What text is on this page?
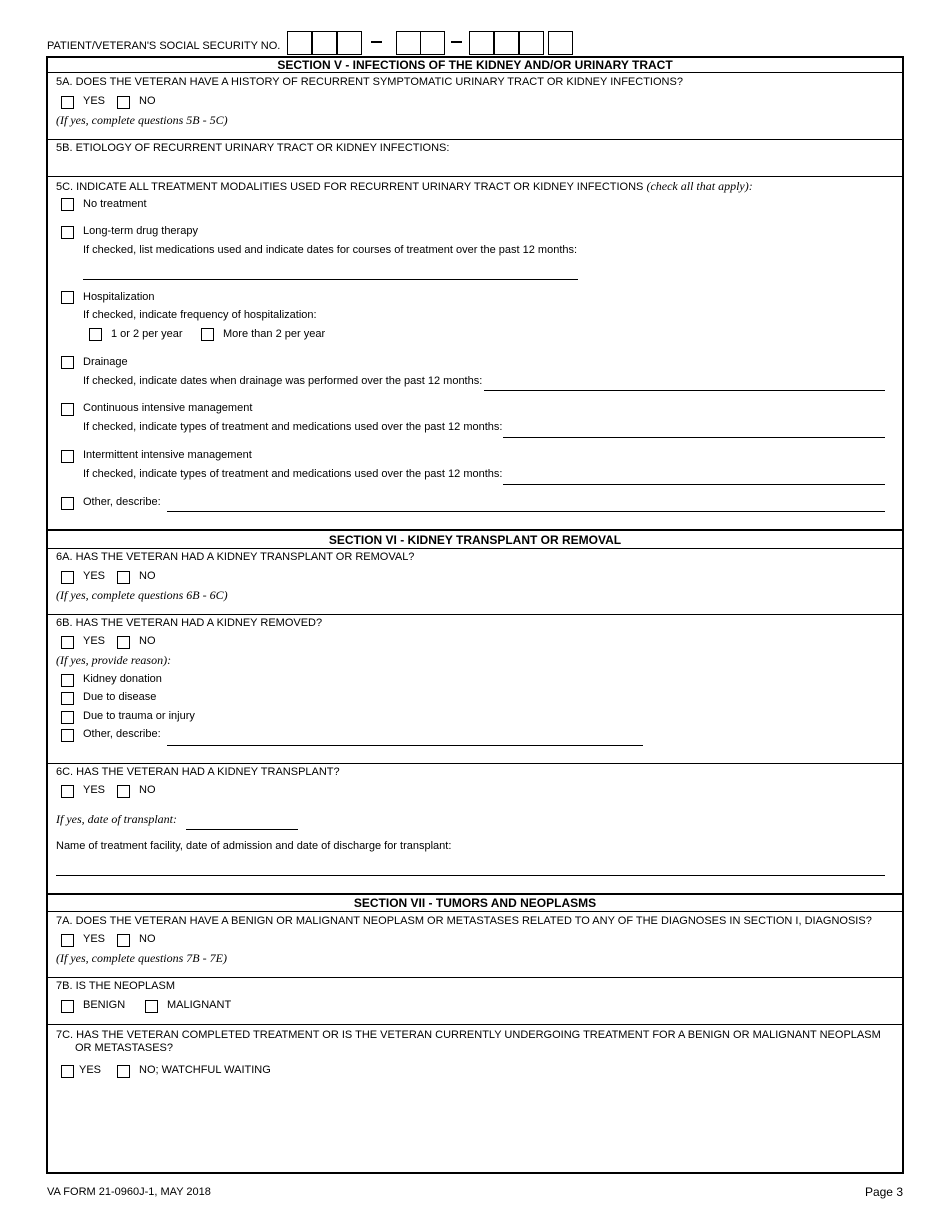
PATIENT/VETERAN'S SOCIAL SECURITY NO.
SECTION V - INFECTIONS OF THE KIDNEY AND/OR URINARY TRACT
5A. DOES THE VETERAN HAVE A HISTORY OF RECURRENT SYMPTOMATIC URINARY TRACT OR KIDNEY INFECTIONS?
YES	NO
(If yes, complete questions 5B - 5C)
5B. ETIOLOGY OF RECURRENT URINARY TRACT OR KIDNEY INFECTIONS:
5C. INDICATE ALL TREATMENT MODALITIES USED FOR RECURRENT URINARY TRACT OR KIDNEY INFECTIONS (check all that apply):
No treatment
Long-term drug therapy
If checked, list medications used and indicate dates for courses of treatment over the past 12 months:
Hospitalization
If checked, indicate frequency of hospitalization:
1 or 2 per year	More than 2 per year
Drainage
If checked, indicate dates when drainage was performed over the past 12 months:
Continuous intensive management
If checked, indicate types of treatment and medications used over the past 12 months:
Intermittent intensive management
If checked, indicate types of treatment and medications used over the past 12 months:
Other, describe:
SECTION VI - KIDNEY TRANSPLANT OR REMOVAL
6A. HAS THE VETERAN HAD A KIDNEY TRANSPLANT OR REMOVAL?
YES	NO
(If yes, complete questions 6B - 6C)
6B. HAS THE VETERAN HAD A KIDNEY REMOVED?
YES	NO
(If yes, provide reason):
Kidney donation
Due to disease
Due to trauma or injury
Other, describe:
6C. HAS THE VETERAN HAD A KIDNEY TRANSPLANT?
YES	NO
If yes, date of transplant:
Name of treatment facility, date of admission and date of discharge for transplant:
SECTION VII - TUMORS AND NEOPLASMS
7A. DOES THE VETERAN HAVE A BENIGN OR MALIGNANT NEOPLASM OR METASTASES RELATED TO ANY OF THE DIAGNOSES IN SECTION I, DIAGNOSIS?
YES	NO
(If yes, complete questions 7B - 7E)
7B. IS THE NEOPLASM
BENIGN	MALIGNANT
7C. HAS THE VETERAN COMPLETED TREATMENT OR IS THE VETERAN CURRENTLY UNDERGOING TREATMENT FOR A BENIGN OR MALIGNANT NEOPLASM
OR METASTASES?
YES	NO; WATCHFUL WAITING
VA FORM 21-0960J-1, MAY 2018	Page 3
